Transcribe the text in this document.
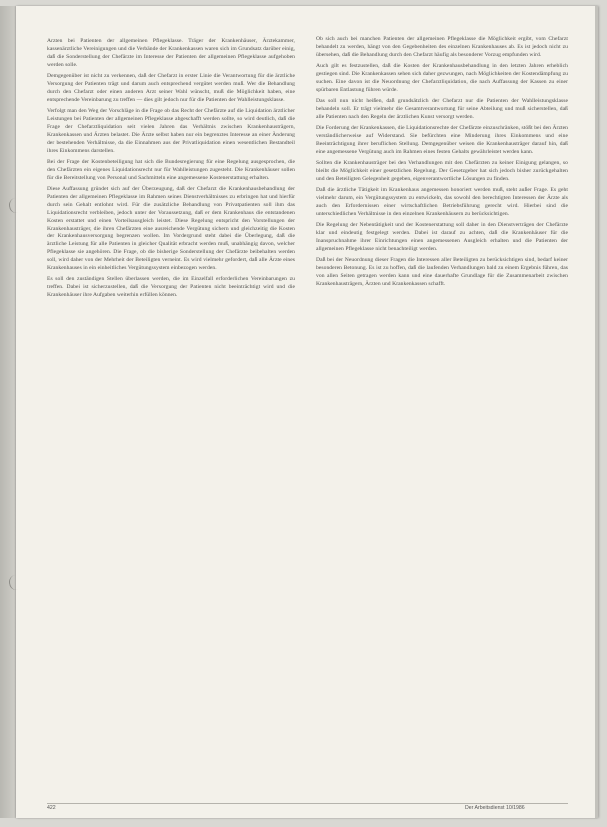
Arzten bei Patienten der allgemeinen Pflegeklasse. Träger der Krankenhäuser, Ärztekammer, kassenärztliche Vereinigungen und die Verbände der Krankenkassen waren sich im Grundsatz darüber einig, daß die Sonderstellung der Chefärzte im Interesse der Patienten der allgemeinen Pflegeklasse aufgehoben werden solle.

Demgegenüber ist nicht zu verkennen, daß der Chefarzt in erster Linie die Verantwortung für die ärztliche Versorgung der Patienten trägt und darum auch entsprechend vergütet werden muß. Wer die Behandlung durch den Chefarzt oder einen anderen Arzt seiner Wahl wünscht, muß die Möglichkeit haben, eine entsprechende Vereinbarung zu treffen — dies gilt jedoch nur für die Patienten der Wahlleistungsklasse.

Verfolgt man den Weg der Vorschläge in die Frage ob das Recht der Chefärzte auf die Liquidation ärztlicher Leistungen bei Patienten der allgemeinen Pflegeklasse abgeschafft werden sollte, so wird deutlich, daß die Frage der Chefarztliquidation seit vielen Jahren das Verhältnis zwischen Krankenhausträgern, Krankenkassen und Ärzten belastet. Die Ärzte selbst haben nur ein begrenztes Interesse an einer Änderung der bestehenden Verhältnisse, da die Einnahmen aus der Privatliquidation einen wesentlichen Bestandteil ihres Einkommens darstellen.

Bei der Frage der Kostenbeteiligung hat sich die Bundesregierung für eine Regelung ausgesprochen, die den Chefärzten ein eigenes Liquidationsrecht nur für Wahlleistungen zugesteht. Die Krankenhäuser sollen für die Bereitstellung von Personal und Sachmitteln eine angemessene Kostenerstattung erhalten.

Diese Auffassung gründet sich auf der Überzeugung, daß der Chefarzt die Krankenhausbehandlung der Patienten der allgemeinen Pflegeklasse im Rahmen seines Dienstverhältnisses zu erbringen hat und hierfür durch sein Gehalt entlohnt wird. Für die zusätzliche Behandlung von Privatpatienten soll ihm das Liquidationsrecht verbleiben, jedoch unter der Voraussetzung, daß er dem Krankenhaus die entstandenen Kosten erstattet und einen Vorteilsausgleich leistet. Diese Regelung entspricht den Vorstellungen der Krankenhausträger, die ihren Chefärzten eine ausreichende Vergütung sichern und gleichzeitig die Kosten der Krankenhausversorgung begrenzen wollen. Im Vordergrund steht dabei die Überlegung, daß die ärztliche Leistung für alle Patienten in gleicher Qualität erbracht werden muß, unabhängig davon, welcher Pflegeklasse sie angehören. Die Frage, ob die bisherige Sonderstellung der Chefärzte beibehalten werden soll, wird daher von der Mehrheit der Beteiligten verneint. Es wird vielmehr gefordert, daß alle Ärzte eines Krankenhauses in ein einheitliches Vergütungssystem einbezogen werden.

Es soll den zuständigen Stellen überlassen werden, die im Einzelfall erforderlichen Vereinbarungen zu treffen. Dabei ist sicherzustellen, daß die Versorgung der Patienten nicht beeinträchtigt wird und die Krankenhäuser ihre Aufgaben weiterhin erfüllen können.

Ob sich auch bei manchen Patienten der allgemeinen Pflegeklasse die Möglichkeit ergibt, vom Chefarzt behandelt zu werden, hängt von den Gegebenheiten des einzelnen Krankenhauses ab. Es ist jedoch nicht zu übersehen, daß die Behandlung durch den Chefarzt häufig als besonderer Vorzug empfunden wird.

Auch gilt es festzustellen, daß die Kosten der Krankenhausbehandlung in den letzten Jahren erheblich gestiegen sind. Die Krankenkassen sehen sich daher gezwungen, nach Möglichkeiten der Kostendämpfung zu suchen. Eine davon ist die Neuordnung der Chefarztliquidation, die nach Auffassung der Kassen zu einer spürbaren Entlastung führen würde.

Das soll nun nicht heißen, daß grundsätzlich der Chefarzt nur die Patienten der Wahlleistungsklasse behandeln soll. Er trägt vielmehr die Gesamtverantwortung für seine Abteilung und muß sicherstellen, daß alle Patienten nach den Regeln der ärztlichen Kunst versorgt werden.

Die Forderung der Krankenkassen, die Liquidationsrechte der Chefärzte einzuschränken, stößt bei den Ärzten verständlicherweise auf Widerstand. Sie befürchten eine Minderung ihres Einkommens und eine Beeinträchtigung ihrer beruflichen Stellung. Demgegenüber weisen die Krankenhausträger darauf hin, daß eine angemessene Vergütung auch im Rahmen eines festen Gehalts gewährleistet werden kann.

Sollten die Krankenhausträger bei den Verhandlungen mit den Chefärzten zu keiner Einigung gelangen, so bleibt die Möglichkeit einer gesetzlichen Regelung. Der Gesetzgeber hat sich jedoch bisher zurückgehalten und den Beteiligten Gelegenheit gegeben, eigenverantwortliche Lösungen zu finden.

Daß die ärztliche Tätigkeit im Krankenhaus angemessen honoriert werden muß, steht außer Frage. Es geht vielmehr darum, ein Vergütungssystem zu entwickeln, das sowohl den berechtigten Interessen der Ärzte als auch den Erfordernissen einer wirtschaftlichen Betriebsführung gerecht wird. Hierbei sind die unterschiedlichen Verhältnisse in den einzelnen Krankenhäusern zu berücksichtigen.

Die Regelung der Nebentätigkeit und der Kostenerstattung soll daher in den Dienstverträgen der Chefärzte klar und eindeutig festgelegt werden. Dabei ist darauf zu achten, daß die Krankenhäuser für die Inanspruchnahme ihrer Einrichtungen einen angemessenen Ausgleich erhalten und die Patienten der allgemeinen Pflegeklasse nicht benachteiligt werden.

Daß bei der Neuordnung dieser Fragen die Interessen aller Beteiligten zu berücksichtigen sind, bedarf keiner besonderen Betonung. Es ist zu hoffen, daß die laufenden Verhandlungen bald zu einem Ergebnis führen, das von allen Seiten getragen werden kann und eine dauerhafte Grundlage für die Zusammenarbeit zwischen Krankenhausträgern, Ärzten und Krankenkassen schafft.

422	Der Arbeitsdienst 10/1986
